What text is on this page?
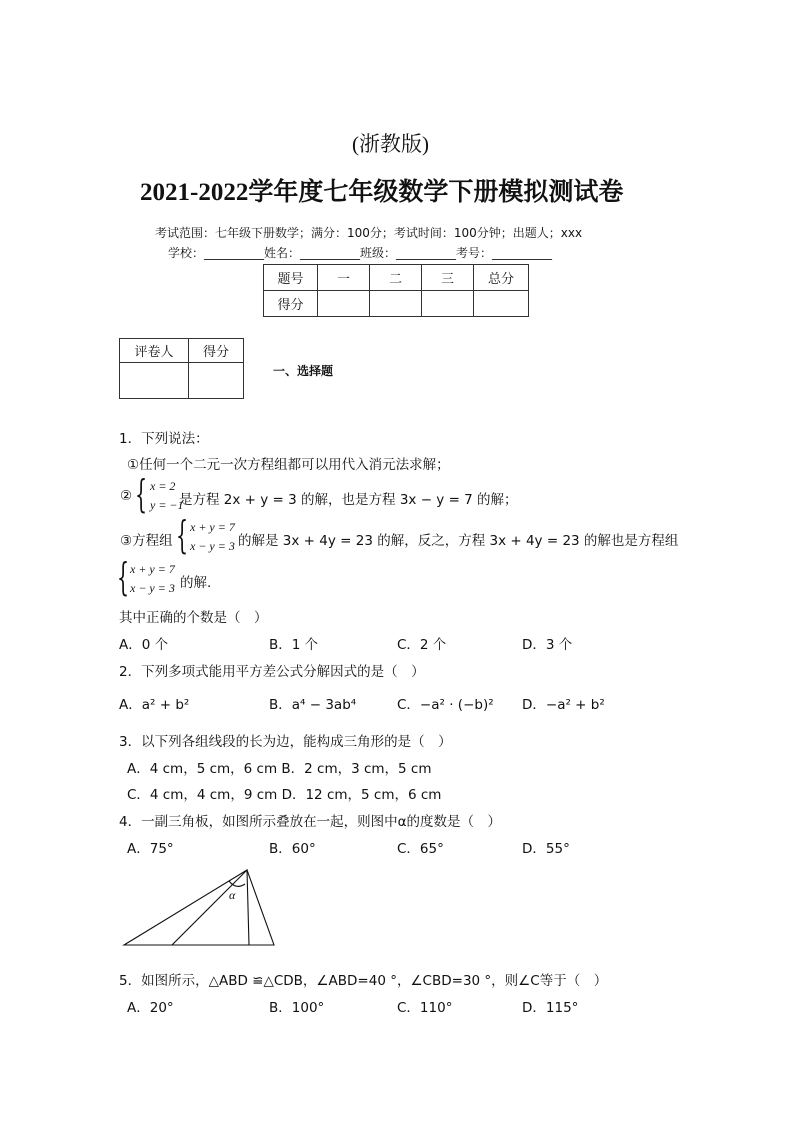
(浙教版)
2021-2022学年度七年级数学下册模拟测试卷
考试范围：七年级下册数学；满分：100分；考试时间：100分钟；出题人；xxx
学校：__________姓名：__________班级：__________考号：__________
题号	一	二	三	总分
得分				
评卷人	得分

一、选择题
1．下列说法：
①任何一个二元一次方程组都可以用代入消元法求解；
② { x = 2
y = −1
是方程 2x + y = 3 的解，也是方程 3x − y = 7 的解；
③方程组 { x + y = 7
x − y = 3 的解是 3x + 4y = 23 的解，反之，方程 3x + 4y = 23 的解也是方程组
{ x + y = 7
x − y = 3 的解.
其中正确的个数是（　）
A．0 个	B．1 个	C．2 个	D．3 个
2．下列多项式能用平方差公式分解因式的是（　）
A．a² + b²	B．a⁴ − 3ab⁴	C．−a² · (−b)² D．−a² + b²
3．以下列各组线段的长为边，能构成三角形的是（　）
A．4 cm，5 cm，6 cm B．2 cm，3 cm，5 cm
C．4 cm，4 cm，9 cm D．12 cm，5 cm，6 cm
4．一副三角板，如图所示叠放在一起，则图中α的度数是（　）
A．75°	B．60°	C．65°	D．55°
α
5．如图所示，△ABD ≌△CDB，∠ABD=40 °，∠CBD=30 °，则∠C等于（　）
A．20°	B．100°	C．110°	D．115°
